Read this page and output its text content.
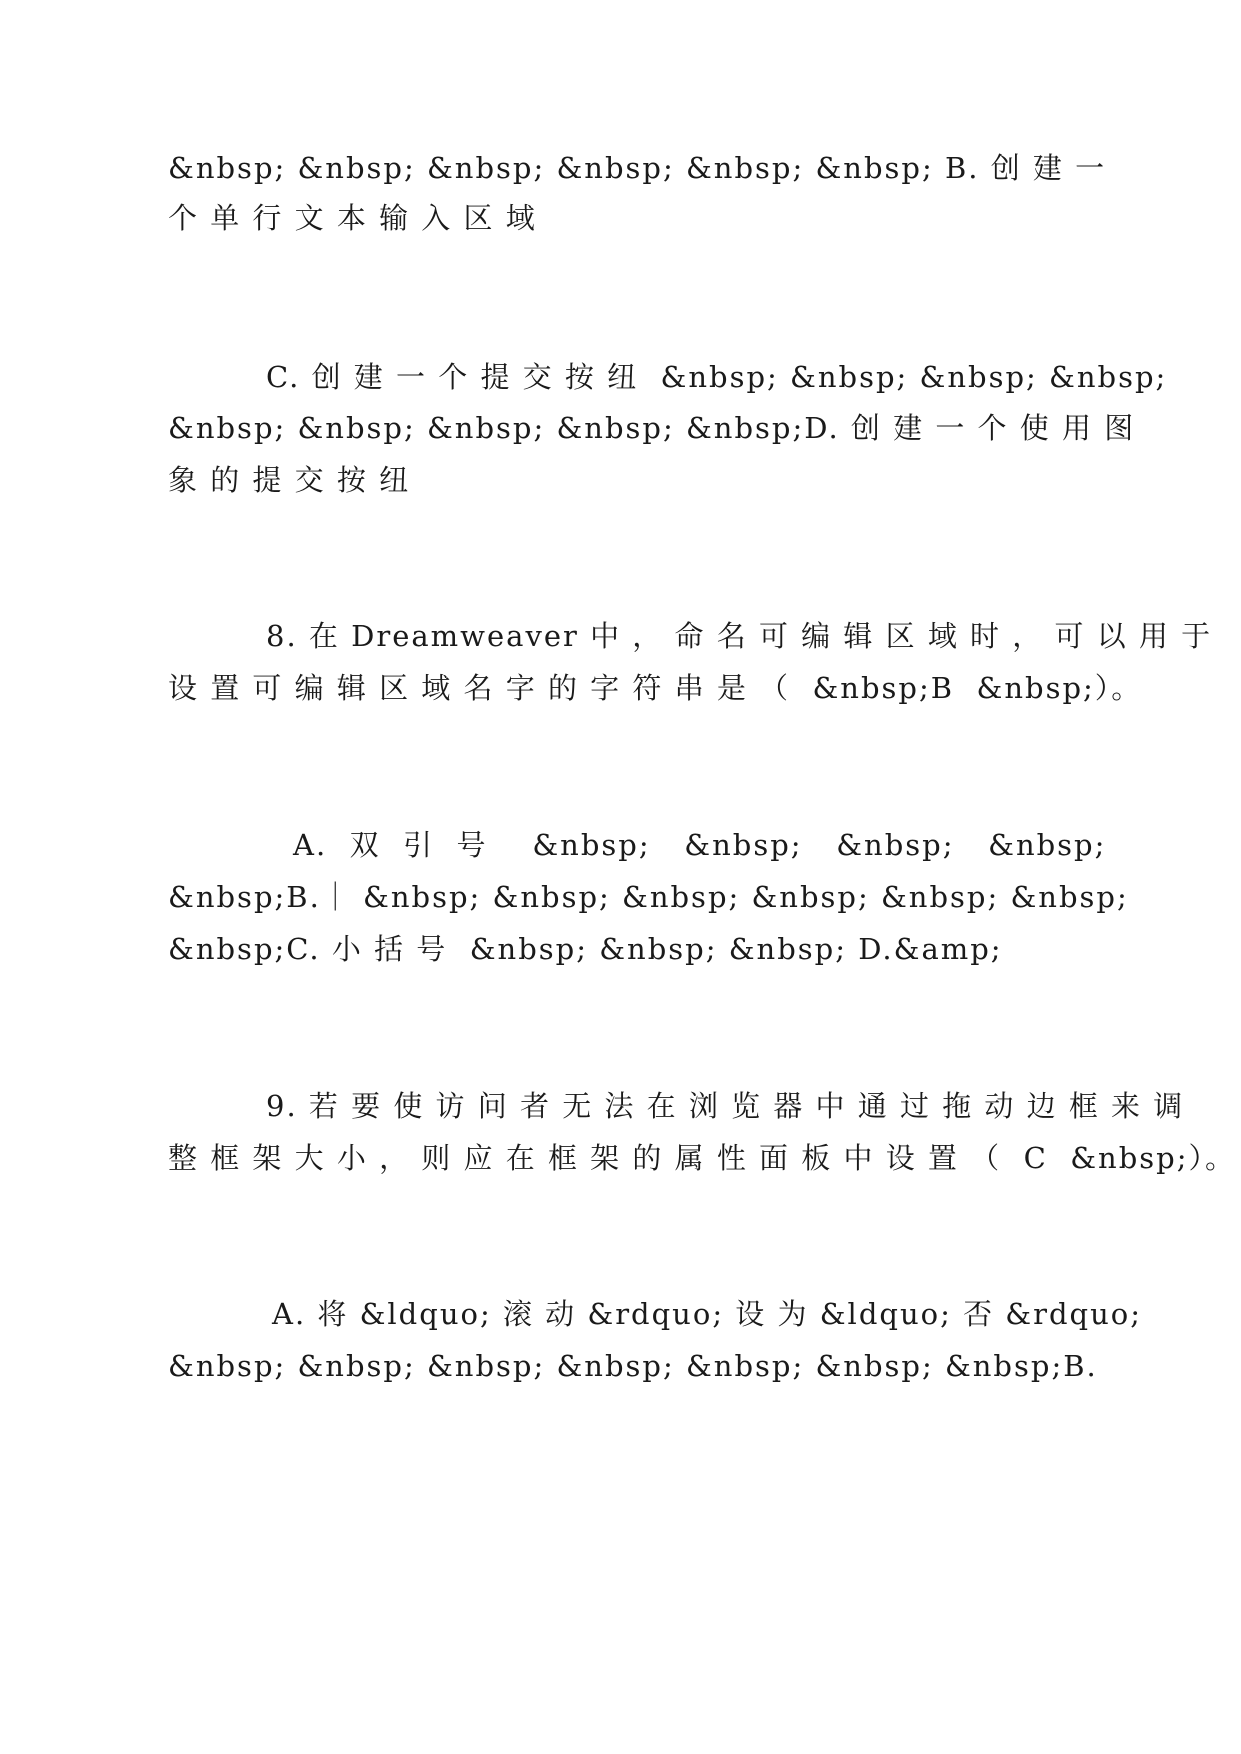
&nbsp; &nbsp; &nbsp; &nbsp; &nbsp; &nbsp; B. 创 建 一
个 单 行 文 本 输 入 区 域
C. 创 建 一 个 提 交 按 纽  &nbsp; &nbsp; &nbsp; &nbsp;
&nbsp; &nbsp; &nbsp; &nbsp; &nbsp;D. 创 建 一 个 使 用 图
象 的 提 交 按 纽
8. 在 Dreamweaver 中 ， 命 名 可 编 辑 区 域 时 ， 可 以 用 于
设 置 可 编 辑 区 域 名 字 的 字 符 串 是 （  &nbsp;B  &nbsp;）。
A.  双  引  号    &nbsp;   &nbsp;   &nbsp;   &nbsp;
&nbsp;B.｜ &nbsp; &nbsp; &nbsp; &nbsp; &nbsp; &nbsp;
&nbsp;C. 小 括 号  &nbsp; &nbsp; &nbsp; D.&amp;
9. 若 要 使 访 问 者 无 法 在 浏 览 器 中 通 过 拖 动 边 框 来 调
整 框 架 大 小 ， 则 应 在 框 架 的 属 性 面 板 中 设 置 （  C  &nbsp;）。
A. 将 &ldquo; 滚 动 &rdquo; 设 为 &ldquo; 否 &rdquo;
&nbsp; &nbsp; &nbsp; &nbsp; &nbsp; &nbsp; &nbsp;B.
